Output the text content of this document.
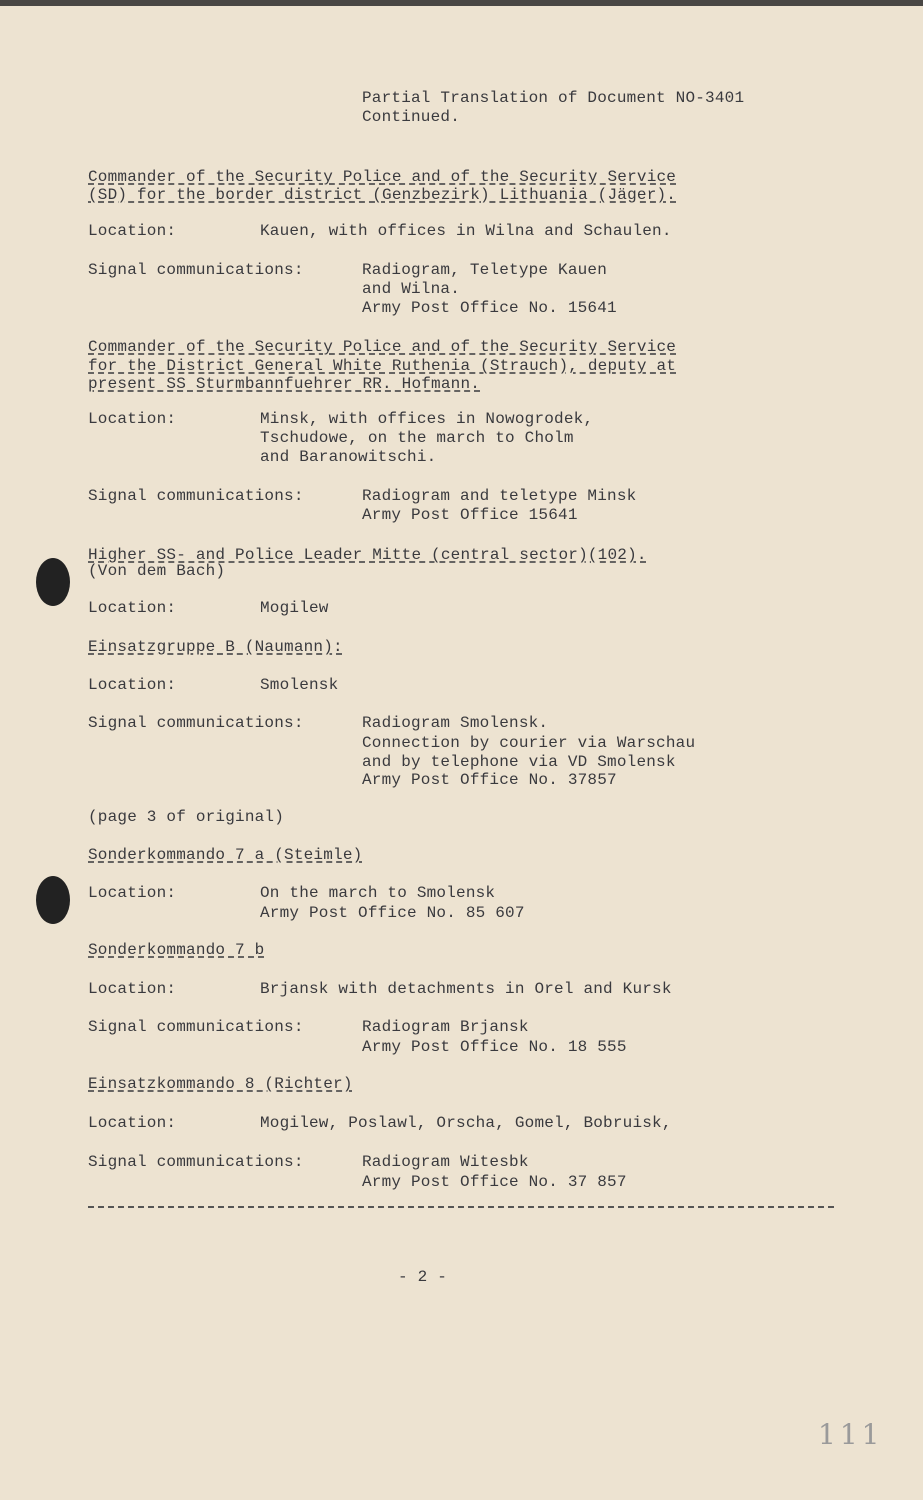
Partial Translation of Document NO-3401
Continued.
Commander of the Security Police and of the Security Service
(SD) for the border district (Genzbezirk) Lithuania (Jäger).
Location:	Kauen, with offices in Wilna and Schaulen.
Signal communications:	Radiogram, Teletype Kauen
and Wilna.
Army Post Office No. 15641
Commander of the Security Police and of the Security Service
for the District General White Ruthenia (Strauch), deputy at
present SS Sturmbannfuehrer RR. Hofmann.
Location:	Minsk, with offices in Nowogrodek,
Tschudowe, on the march to Cholm
and Baranowitschi.
Signal communications:	Radiogram and teletype Minsk
Army Post Office 15641
Higher SS- and Police Leader Mitte (central sector)(102).
(Von dem Bach)
Location:	Mogilew
Einsatzgruppe B (Naumann):
Location:	Smolensk
Signal communications:	Radiogram Smolensk.
Connection by courier via Warschau
and by telephone via VD Smolensk
Army Post Office No. 37857
(page 3 of original)
Sonderkommando 7 a (Steimle)
Location:	On the march to Smolensk
Army Post Office No. 85 607
Sonderkommando 7 b
Location:	Brjansk with detachments in Orel and Kursk
Signal communications:	Radiogram Brjansk
Army Post Office No. 18 555
Einsatzkommando 8 (Richter)
Location:	Mogilew, Poslawl, Orscha, Gomel, Bobruisk,
Signal communications:	Radiogram Witesbk
Army Post Office No. 37 857
- 2 -
111
